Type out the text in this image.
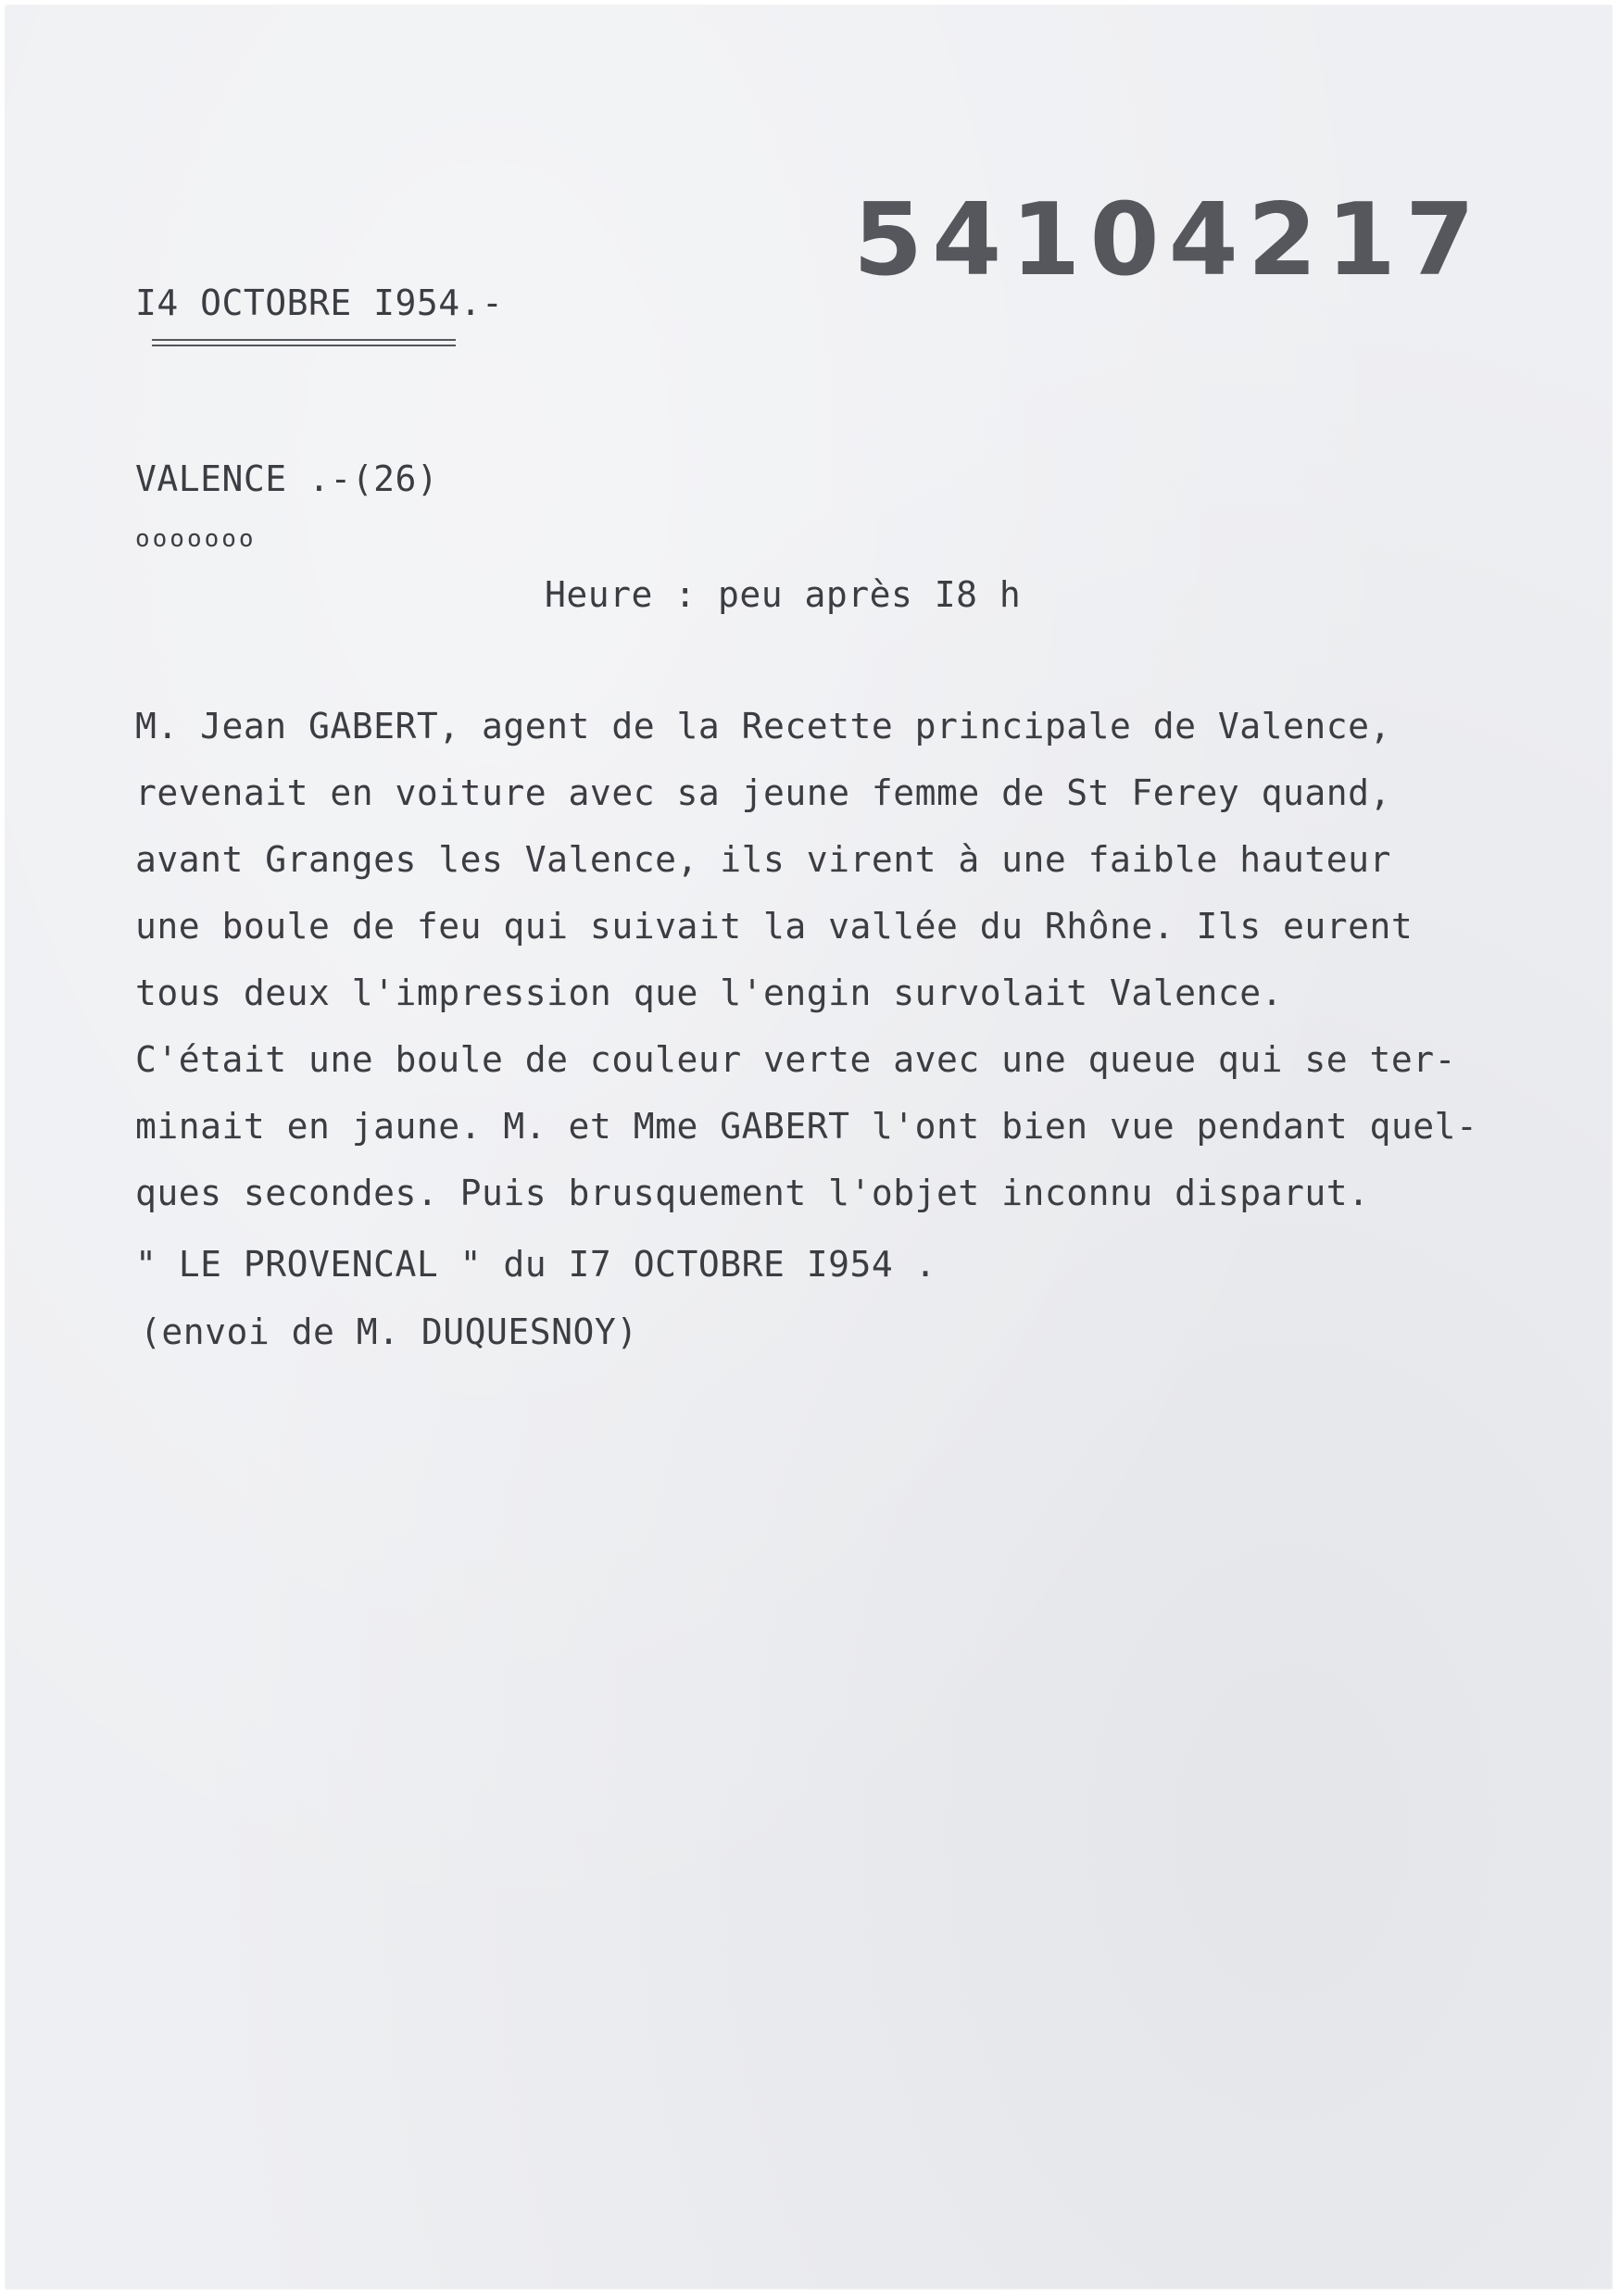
54104217
I4 OCTOBRE I954.-
VALENCE .-(26)
ooooooo
Heure : peu après I8 h
M. Jean GABERT, agent de la Recette principale de Valence,
revenait en voiture avec sa jeune femme de St Ferey quand,
avant Granges les Valence, ils virent à une faible hauteur
une boule de feu qui suivait la vallée du Rhône. Ils eurent
tous deux l'impression que l'engin survolait Valence.
C'était une boule de couleur verte avec une queue qui se ter-
minait en jaune. M. et Mme GABERT l'ont bien vue pendant quel-
ques secondes. Puis brusquement l'objet inconnu disparut.
" LE PROVENCAL " du I7 OCTOBRE I954 .
(envoi de M. DUQUESNOY)
